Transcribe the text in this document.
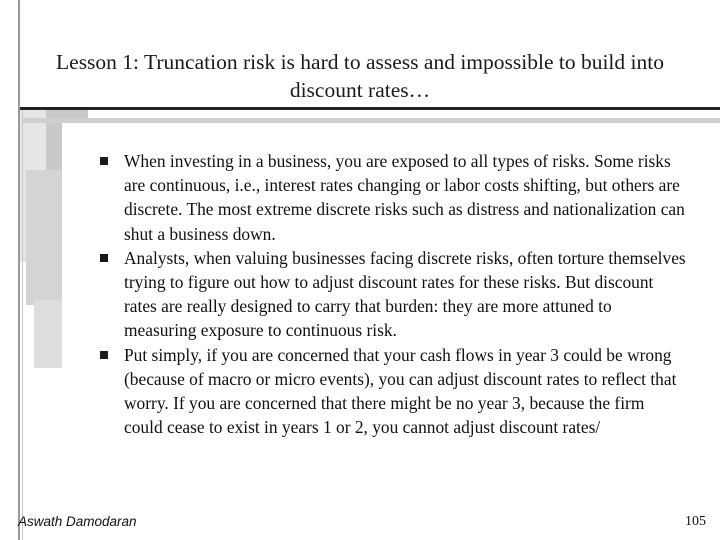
Lesson 1: Truncation risk is hard to assess and impossible to build into discount rates…
When investing in a business, you are exposed to all types of risks. Some risks are continuous, i.e., interest rates changing or labor costs shifting, but others are discrete. The most extreme discrete risks such as distress and nationalization can shut a business down.
Analysts, when valuing businesses facing discrete risks, often torture themselves trying to figure out how to adjust discount rates for these risks. But discount rates are really designed to carry that burden: they are more attuned to measuring exposure to continuous risk.
Put simply, if you are concerned that your cash flows in year 3 could be wrong (because of macro or micro events), you can adjust discount rates to reflect that worry. If you are concerned that there might be no year 3, because the firm could cease to exist in years 1 or 2, you cannot adjust discount rates/
Aswath Damodaran	105
